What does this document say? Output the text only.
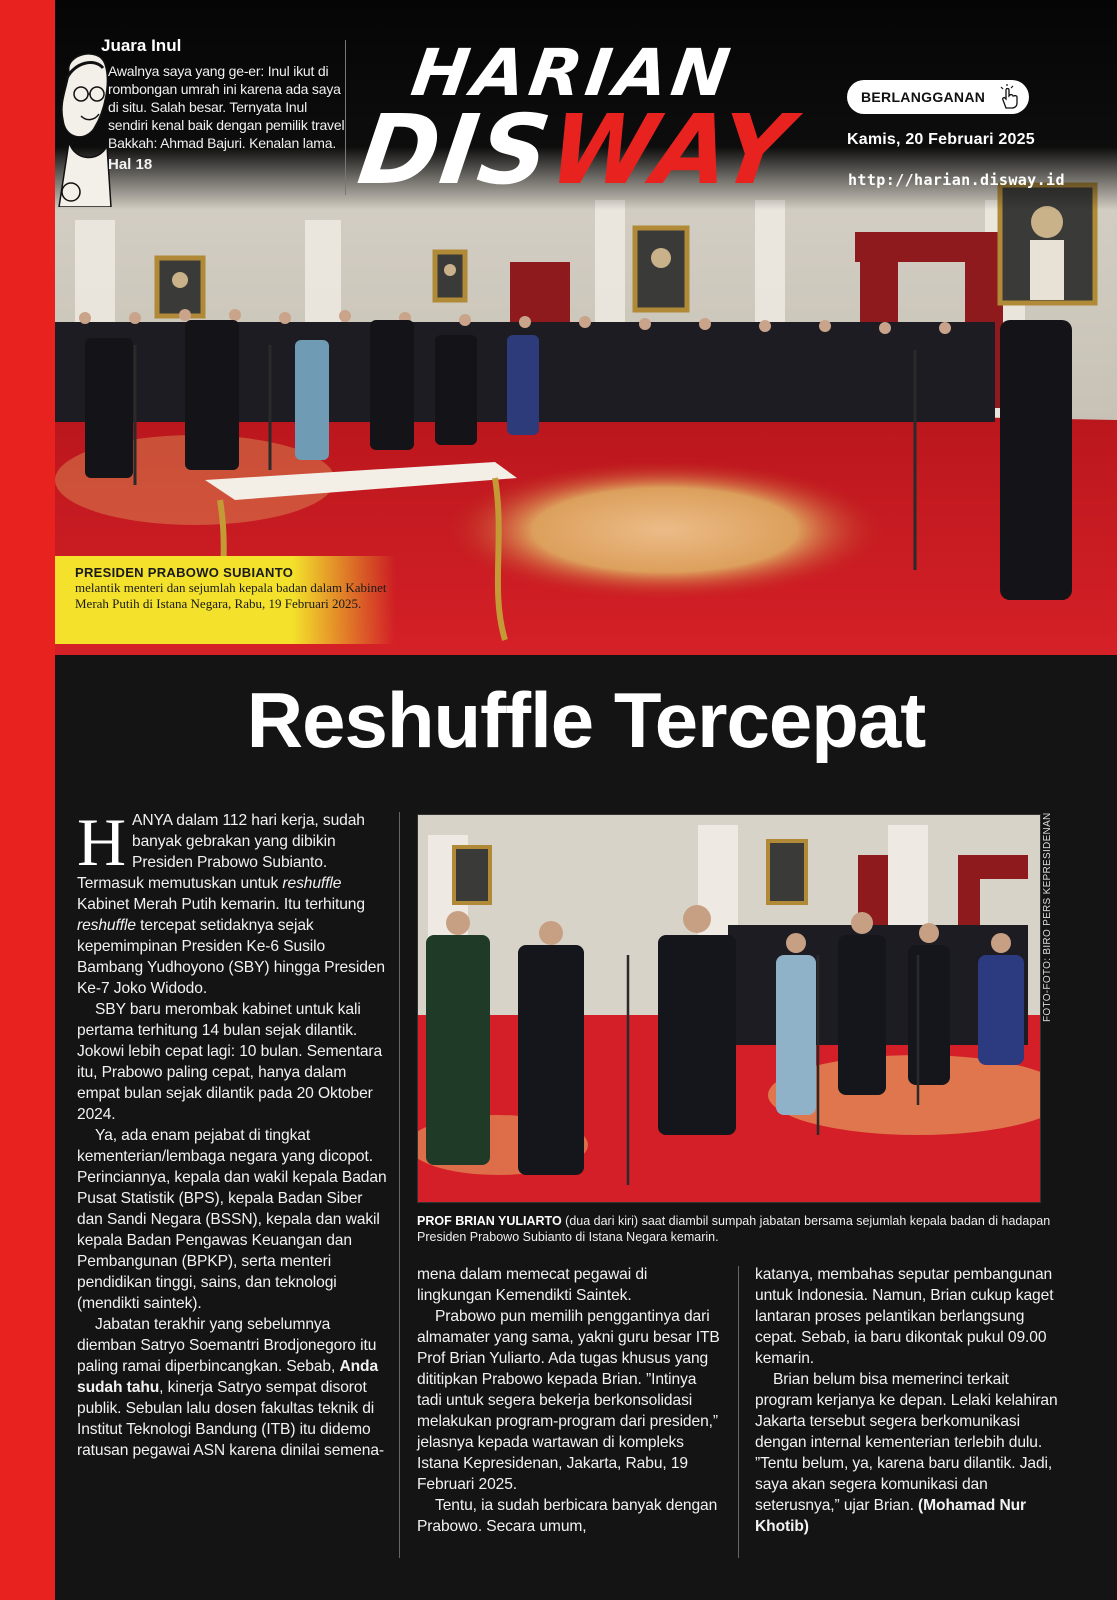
Juara Inul
Awalnya saya yang ge-er: Inul ikut di rombongan umrah ini karena ada saya di situ. Salah besar. Ternyata Inul sendiri kenal baik dengan pemilik travel Bakkah: Ahmad Bajuri. Kenalan lama.
Hal 18
HARIAN
DISWAY	BERLANGGANAN
Kamis, 20 Februari 2025
http://harian.disway.id
PRESIDEN PRABOWO SUBIANTO
melantik menteri dan sejumlah kepala badan dalam Kabinet Merah Putih di Istana Negara, Rabu, 19 Februari 2025.
Reshuffle Tercepat

HANYA dalam 112 hari kerja, sudah banyak gebrakan yang dibikin Presiden Prabowo Subianto. Termasuk memutuskan untuk reshuffle Kabinet Merah Putih kemarin. Itu terhitung reshuffle tercepat setidaknya sejak kepemimpinan Presiden Ke-6 Susilo Bambang Yudhoyono (SBY) hingga Presiden Ke-7 Joko Widodo.

SBY baru merombak kabinet untuk kali pertama terhitung 14 bulan sejak dilantik. Jokowi lebih cepat lagi: 10 bulan. Sementara itu, Prabowo paling cepat, hanya dalam empat bulan sejak dilantik pada 20 Oktober 2024.

Ya, ada enam pejabat di tingkat kementerian/lembaga negara yang dicopot. Perinciannya, kepala dan wakil kepala Badan Pusat Statistik (BPS), kepala Badan Siber dan Sandi Negara (BSSN), kepala dan wakil kepala Badan Pengawas Keuangan dan Pembangunan (BPKP), serta menteri pendidikan tinggi, sains, dan teknologi (mendikti saintek).

Jabatan terakhir yang sebelumnya diemban Satryo Soemantri Brodjonegoro itu paling ramai diperbincangkan. Sebab, Anda sudah tahu, kinerja Satryo sempat disorot publik. Sebulan lalu dosen fakultas teknik di Institut Teknologi Bandung (ITB) itu didemo ratusan pegawai ASN karena dinilai semena-

FOTO-FOTO: BIRO PERS KEPRESIDENAN
PROF BRIAN YULIARTO (dua dari kiri) saat diambil sumpah jabatan bersama sejumlah kepala badan di hadapan Presiden Prabowo Subianto di Istana Negara kemarin.

mena dalam memecat pegawai di lingkungan Kemendikti Saintek.

Prabowo pun memilih penggantinya dari almamater yang sama, yakni guru besar ITB Prof Brian Yuliarto. Ada tugas khusus yang dititipkan Prabowo kepada Brian. ”Intinya tadi untuk segera bekerja berkonsolidasi melakukan program-program dari presiden,” jelasnya kepada wartawan di kompleks Istana Kepresidenan, Jakarta, Rabu, 19 Februari 2025.

Tentu, ia sudah berbicara banyak dengan Prabowo. Secara umum,

katanya, membahas seputar pembangunan untuk Indonesia. Namun, Brian cukup kaget lantaran proses pelantikan berlangsung cepat. Sebab, ia baru dikontak pukul 09.00 kemarin.

Brian belum bisa memerinci terkait program kerjanya ke depan. Lelaki kelahiran Jakarta tersebut segera berkomunikasi dengan internal kementerian terlebih dulu. ”Tentu belum, ya, karena baru dilantik. Jadi, saya akan segera komunikasi dan seterusnya,” ujar Brian. (Mohamad Nur Khotib)
